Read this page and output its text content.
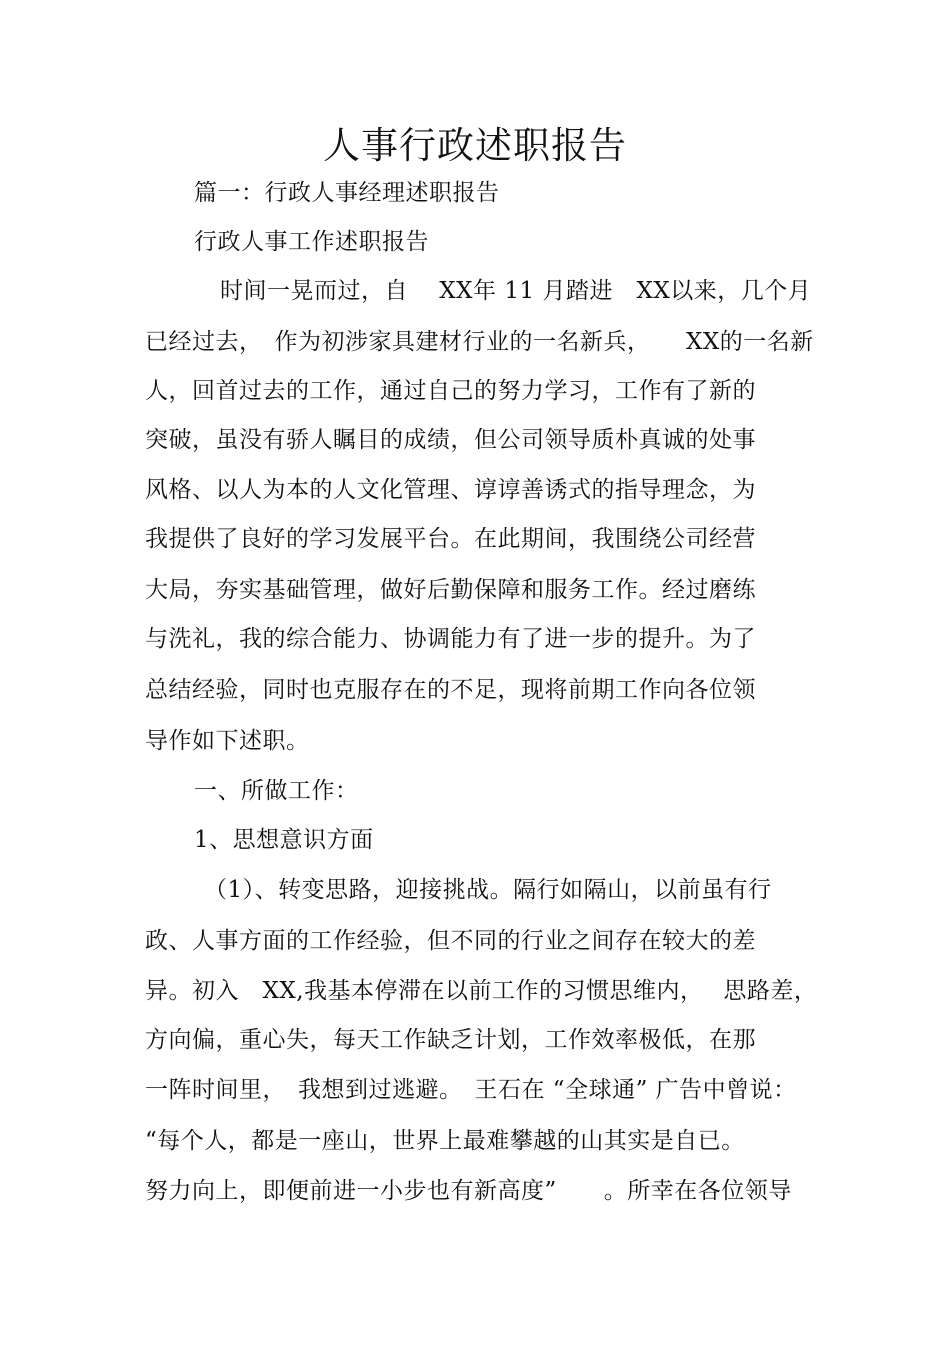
人事行政述职报告
篇一：行政人事经理述职报告
行政人事工作述职报告
时间一晃而过，自　 XX年 11 月踏进　XX以来，几个月
已经过去，　作为初涉家具建材行业的一名新兵，　　XX的一名新
人，回首过去的工作，通过自己的努力学习，工作有了新的
突破，虽没有骄人瞩目的成绩，但公司领导质朴真诚的处事
风格、以人为本的人文化管理、谆谆善诱式的指导理念，为
我提供了良好的学习发展平台。在此期间，我围绕公司经营
大局，夯实基础管理，做好后勤保障和服务工作。经过磨练
与洗礼，我的综合能力、协调能力有了进一步的提升。为了
总结经验，同时也克服存在的不足，现将前期工作向各位领
导作如下述职。
一、所做工作：
1、思想意识方面
（1）、转变思路，迎接挑战。隔行如隔山，以前虽有行
政、人事方面的工作经验，但不同的行业之间存在较大的差
异。初入　XX,我基本停滞在以前工作的习惯思维内，　 思路差，
方向偏，重心失，每天工作缺乏计划，工作效率极低，在那
一阵时间里，　我想到过逃避。　王石在 “全球通” 广告中曾说：
“每个人，都是一座山，世界上最难攀越的山其实是自已。
努力向上，即便前进一小步也有新高度”　　。所幸在各位领导
